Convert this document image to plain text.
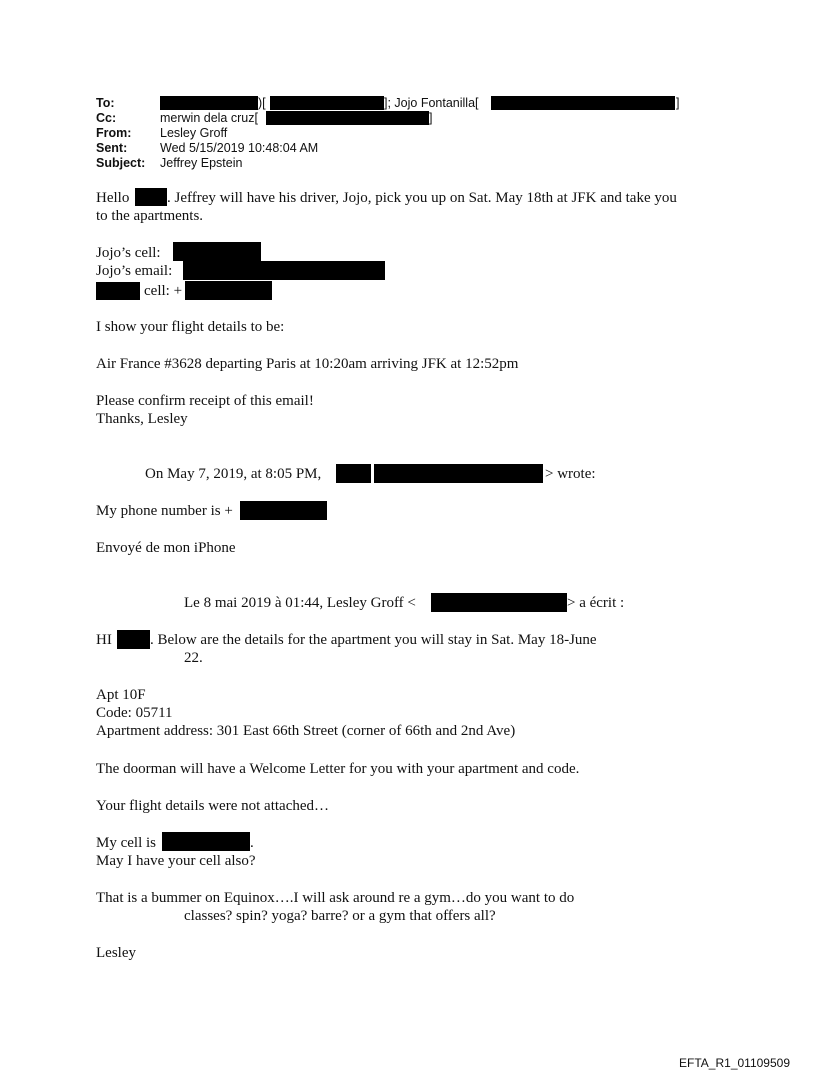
To:	)[	]; Jojo Fontanilla[	]
Cc:	merwin dela cruz[	]
From: Lesley Groff
Sent:	Wed 5/15/2019 10:48:04 AM
Subject: Jeffrey Epstein
Hello	. Jeffrey will have his driver, Jojo, pick you up on Sat. May 18th at JFK and take you
to the apartments.
Jojo’s cell:
Jojo’s email:
cell: +
I show your flight details to be:
Air France #3628 departing Paris at 10:20am arriving JFK at 12:52pm
Please confirm receipt of this email!
Thanks, Lesley
On May 7, 2019, at 8:05 PM,	> wrote:
My phone number is +
Envoyé de mon iPhone
Le 8 mai 2019 à 01:44, Lesley Groff <	> a écrit :
HI	. Below are the details for the apartment you will stay in Sat. May 18-June
22.
Apt 10F
Code: 05711
Apartment address: 301 East 66th Street (corner of 66th and 2nd Ave)
The doorman will have a Welcome Letter for you with your apartment and code.
Your flight details were not attached…
My cell is	.
May I have your cell also?
That is a bummer on Equinox….I will ask around re a gym…do you want to do
classes? spin? yoga? barre? or a gym that offers all?
Lesley
EFTA_R1_01109509
